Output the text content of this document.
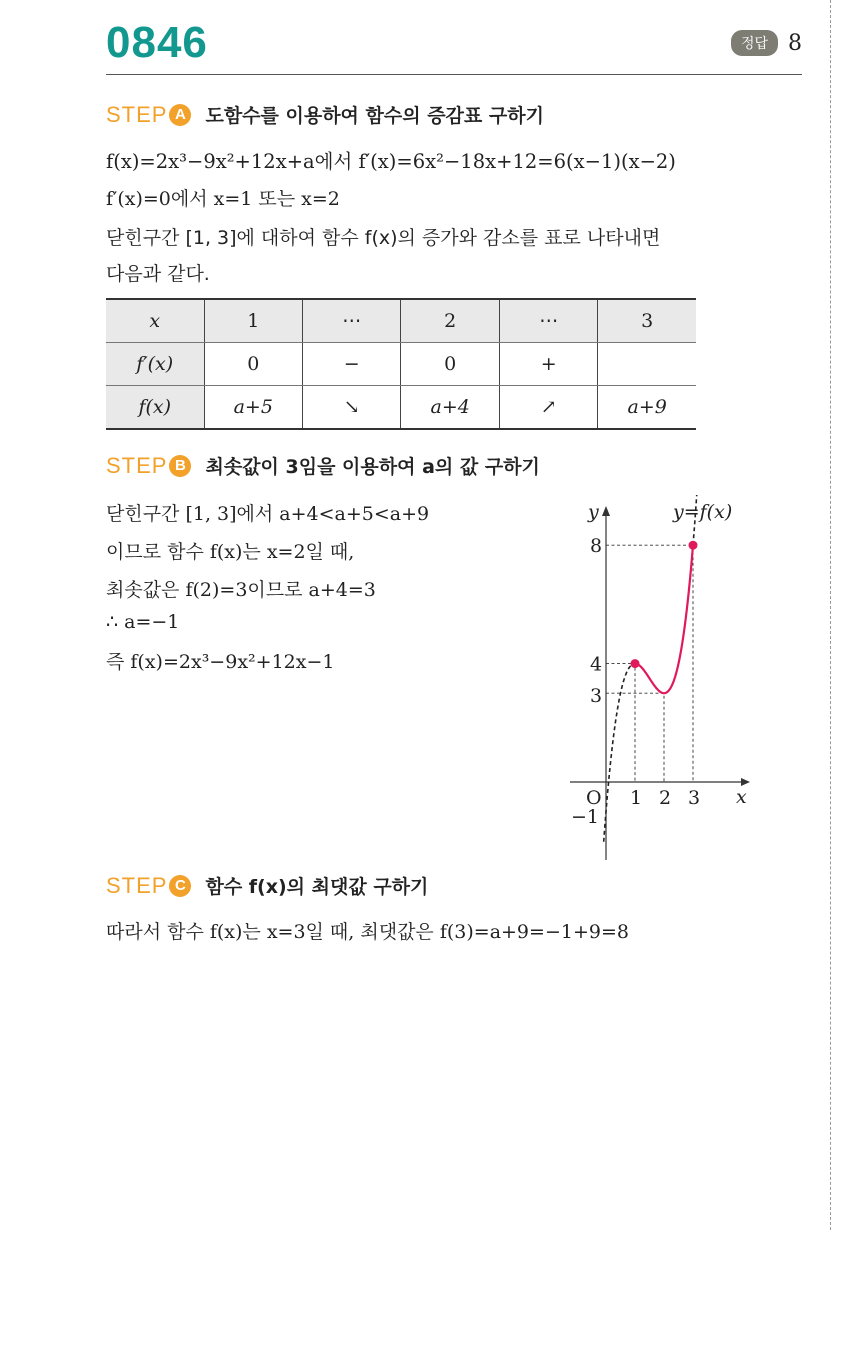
0846	정답 8
STEP A 도함수를 이용하여 함수의 증감표 구하기
f(x)=2x³−9x²+12x+a에서 f′(x)=6x²−18x+12=6(x−1)(x−2)
f′(x)=0에서 x=1 또는 x=2
닫힌구간 [1, 3]에 대하여 함수 f(x)의 증가와 감소를 표로 나타내면
다음과 같다.
x	1	⋯	2	⋯	3
f′(x)	0	−	0	+	
f(x)	a+5	↘	a+4	↗	a+9
STEP B 최솟값이 3임을 이용하여 a의 값 구하기
닫힌구간 [1, 3]에서 a+4<a+5<a+9
이므로 함수 f(x)는 x=2일 때,
최솟값은 f(2)=3이므로 a+4=3
∴ a=−1
즉 f(x)=2x³−9x²+12x−1
y
x
y=f(x)
O 1 2 3
8
4
3
−1
STEP C 함수 f(x)의 최댓값 구하기
따라서 함수 f(x)는 x=3일 때, 최댓값은 f(3)=a+9=−1+9=8
